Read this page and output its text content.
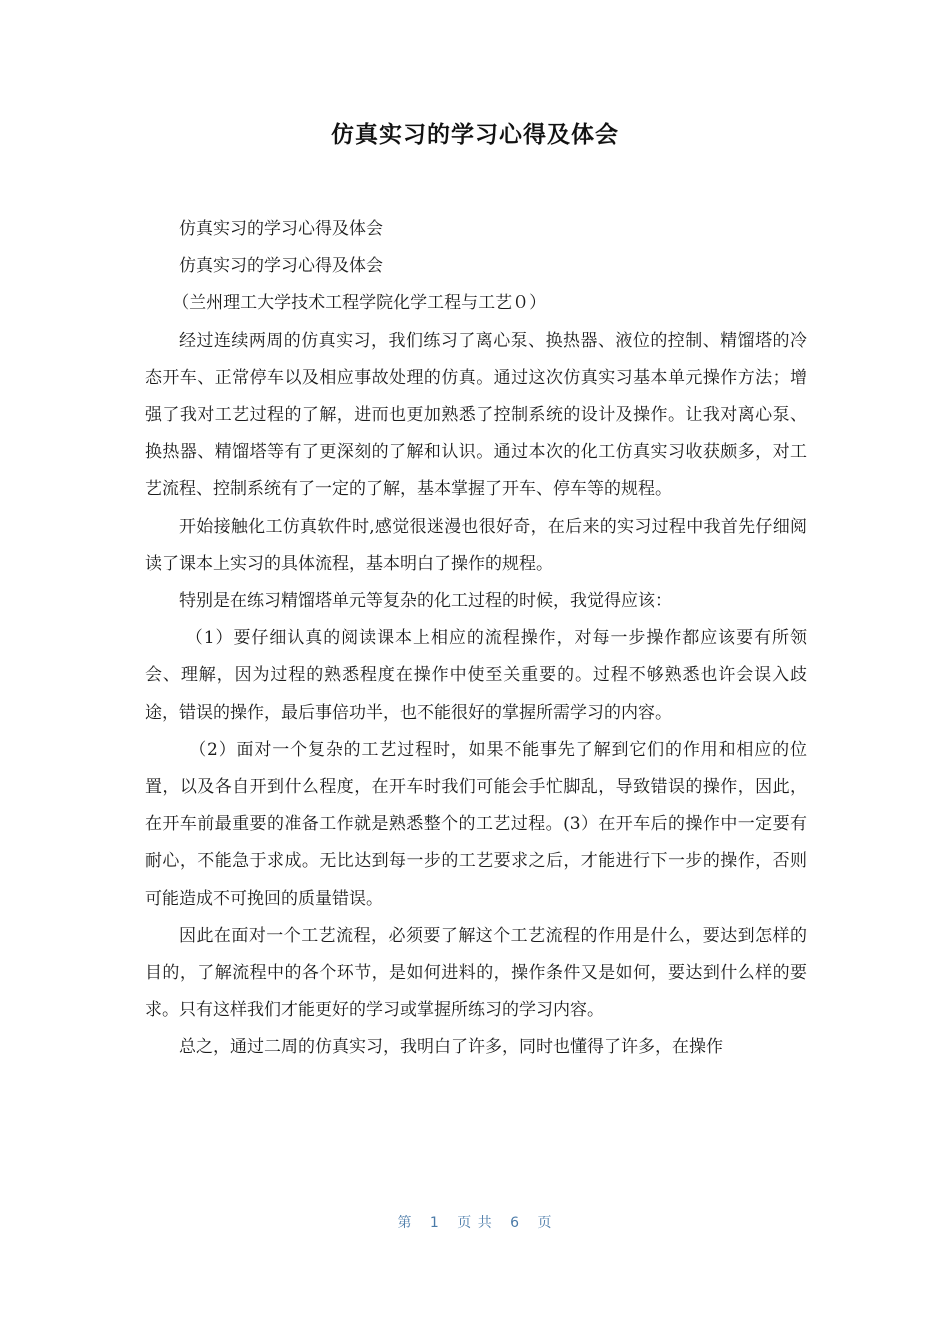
仿真实习的学习心得及体会

仿真实习的学习心得及体会

仿真实习的学习心得及体会

（兰州理工大学技术工程学院化学工程与工艺０）

经过连续两周的仿真实习，我们练习了离心泵、换热器、液位的控制、精馏塔的冷态开车、正常停车以及相应事故处理的仿真。通过这次仿真实习基本单元操作方法；增强了我对工艺过程的了解，进而也更加熟悉了控制系统的设计及操作。让我对离心泵、换热器、精馏塔等有了更深刻的了解和认识。通过本次的化工仿真实习收获颇多，对工艺流程、控制系统有了一定的了解，基本掌握了开车、停车等的规程。

开始接触化工仿真软件时,感觉很迷漫也很好奇，在后来的实习过程中我首先仔细阅读了课本上实习的具体流程，基本明白了操作的规程。

特别是在练习精馏塔单元等复杂的化工过程的时候，我觉得应该：

（1）要仔细认真的阅读课本上相应的流程操作，对每一步操作都应该要有所领会、理解，因为过程的熟悉程度在操作中使至关重要的。过程不够熟悉也许会误入歧途，错误的操作，最后事倍功半，也不能很好的掌握所需学习的内容。

（2）面对一个复杂的工艺过程时，如果不能事先了解到它们的作用和相应的位置，以及各自开到什么程度，在开车时我们可能会手忙脚乱，导致错误的操作，因此，在开车前最重要的准备工作就是熟悉整个的工艺过程。(3）在开车后的操作中一定要有耐心，不能急于求成。无比达到每一步的工艺要求之后，才能进行下一步的操作，否则可能造成不可挽回的质量错误。

因此在面对一个工艺流程，必须要了解这个工艺流程的作用是什么，要达到怎样的目的，了解流程中的各个环节，是如何进料的，操作条件又是如何，要达到什么样的要求。只有这样我们才能更好的学习或掌握所练习的学习内容。

总之，通过二周的仿真实习，我明白了许多，同时也懂得了许多，在操作

第 1 页 共 6 页
